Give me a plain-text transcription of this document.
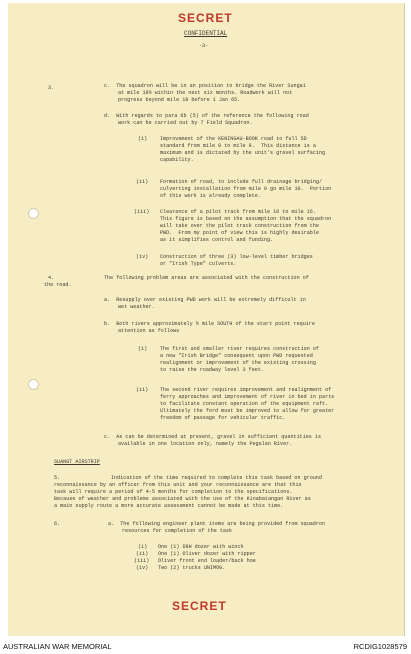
SECRET
CONFIDENTIAL
-3-
3.	c.  The squadron will be in an position to bridge the River Sungai
at mile 19½ within the next six months. Roadwork will not
progress beyond mile 18 before 1 Jan 65.
d.  With regards to para 6b (5) of the reference the following road
work can be carried out by 7 Field Squadron.
(i)	Improvement of the KENINGAU-BOOK road to full 5D
standard from mile 0 to mile 8.  This distance is a
maximum and is dictated by the unit's gravel surfacing
capability.
(ii) Formation of road, to include full drainage bridging/
culverting installation from mile 0 go mile 10.  Portion
of this work is already complete.
(iii) Clearance of a pilot track from mile 10 to mile 16.
This figure is based on the assumption that the squadron
will take over the pilot track construction from the
PWD.  From my point of view this is highly desirable
as it simplifies control and funding.
(iv) Construction of three (3) low-level timber bridges
or "Irish Type" culverts.
4.	The following problem areas are associated with the construction of
the road.
a.  Resupply over existing PWD work will be extremely difficult in
wet weather.
b.  Both rivers approximately ½ mile SOUTH of the start point require
attention as follows
(i)	The first and smaller river requires construction of
a new "Irish Bridge" consequent upon PWD requested
realignment or improvement of the existing crossing
to raise the roadway level 3 feet.
(ii) The second river requires improvement and realignment of
ferry approaches and improvement of river in bed in parts
to facilitate constant operation of the equipment raft.
Ultimately the ford must be improved to allow for greater
freedom of passage for vehicular traffic.
c.  As can be determined at present, gravel in sufficient quantities is
available in one location only, namely the Pegalan River.
SUANGT AIRSTRIP
5.	Indication of the time required to complete this task based on ground
reconnaissance by an officer from this unit and your reconnaissance are that this
task will require a period of 4-5 months for completion to the specifications.
Because of weather and problems associated with the use of the Kinabatangan River as
a main supply route a more accurate assessment cannot be made at this time.
6.	a.  The following engineer plant items are being provided from squadron
resources for completion of the task
(i) One (1) D8H dozer with winch
(ii) One (1) Oliver dozer with ripper
(iii) Oliver front end loader/back hoe
(iv) Two (2) trucks UNIMOG.
SECRET
AUSTRALIAN WAR MEMORIAL	RCDIG1028579
